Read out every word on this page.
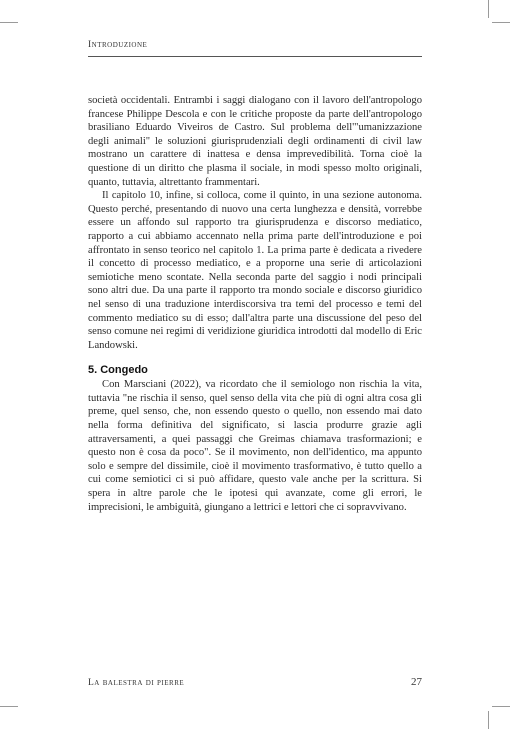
Introduzione

società occidentali. Entrambi i saggi dialogano con il lavoro dell'antropologo francese Philippe Descola e con le critiche proposte da parte dell'antropologo brasiliano Eduardo Viveiros de Castro. Sul problema dell'"umanizzazione degli animali" le soluzioni giurisprudenziali degli ordinamenti di civil law mostrano un carattere di inattesa e densa imprevedibilità. Torna cioè la questione di un diritto che plasma il sociale, in modi spesso molto originali, quanto, tuttavia, altrettanto frammentari.

Il capitolo 10, infine, si colloca, come il quinto, in una sezione autonoma. Questo perché, presentando di nuovo una certa lunghezza e densità, vorrebbe essere un affondo sul rapporto tra giurisprudenza e discorso mediatico, rapporto a cui abbiamo accennato nella prima parte dell'introduzione e poi affrontato in senso teorico nel capitolo 1. La prima parte è dedicata a rivedere il concetto di processo mediatico, e a proporne una serie di articolazioni semiotiche meno scontate. Nella seconda parte del saggio i nodi principali sono altri due. Da una parte il rapporto tra mondo sociale e discorso giuridico nel senso di una traduzione interdiscorsiva tra temi del processo e temi del commento mediatico su di esso; dall'altra parte una discussione del peso del senso comune nei regimi di veridizione giuridica introdotti dal modello di Eric Landowski.

5. Congedo

Con Marsciani (2022), va ricordato che il semiologo non rischia la vita, tuttavia "ne rischia il senso, quel senso della vita che più di ogni altra cosa gli preme, quel senso, che, non essendo questo o quello, non essendo mai dato nella forma definitiva del significato, si lascia produrre grazie agli attraversamenti, a quei passaggi che Greimas chiamava trasformazioni; e questo non è cosa da poco". Se il movimento, non dell'identico, ma appunto solo e sempre del dissimile, cioè il movimento trasformativo, è tutto quello a cui come semiotici ci si può affidare, questo vale anche per la scrittura. Si spera in altre parole che le ipotesi qui avanzate, come gli errori, le imprecisioni, le ambiguità, giungano a lettrici e lettori che ci sopravvivano.

La balestra di pierre	27
